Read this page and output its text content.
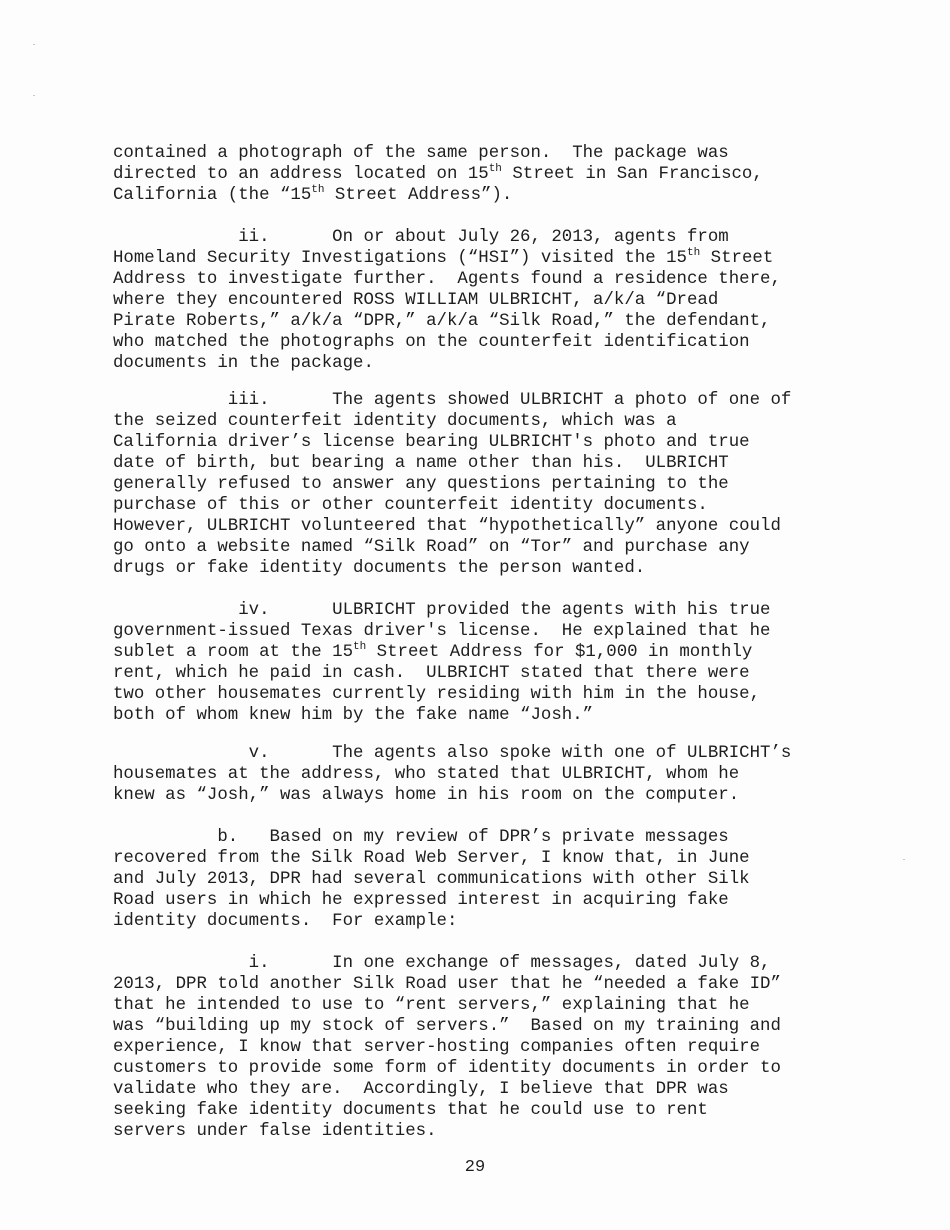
contained a photograph of the same person.  The package was
directed to an address located on 15th Street in San Francisco,
California (the “15th Street Address”).
ii.      On or about July 26, 2013, agents from
Homeland Security Investigations (“HSI”) visited the 15th Street
Address to investigate further.  Agents found a residence there,
where they encountered ROSS WILLIAM ULBRICHT, a/k/a “Dread
Pirate Roberts,” a/k/a “DPR,” a/k/a “Silk Road,” the defendant,
who matched the photographs on the counterfeit identification
documents in the package.
iii.      The agents showed ULBRICHT a photo of one of
the seized counterfeit identity documents, which was a
California driver’s license bearing ULBRICHT's photo and true
date of birth, but bearing a name other than his.  ULBRICHT
generally refused to answer any questions pertaining to the
purchase of this or other counterfeit identity documents.
However, ULBRICHT volunteered that “hypothetically” anyone could
go onto a website named “Silk Road” on “Tor” and purchase any
drugs or fake identity documents the person wanted.
iv.      ULBRICHT provided the agents with his true
government-issued Texas driver's license.  He explained that he
sublet a room at the 15th Street Address for $1,000 in monthly
rent, which he paid in cash.  ULBRICHT stated that there were
two other housemates currently residing with him in the house,
both of whom knew him by the fake name “Josh.”
v.      The agents also spoke with one of ULBRICHT’s
housemates at the address, who stated that ULBRICHT, whom he
knew as “Josh,” was always home in his room on the computer.
b.   Based on my review of DPR’s private messages
recovered from the Silk Road Web Server, I know that, in June
and July 2013, DPR had several communications with other Silk
Road users in which he expressed interest in acquiring fake
identity documents.  For example:
i.      In one exchange of messages, dated July 8,
2013, DPR told another Silk Road user that he “needed a fake ID”
that he intended to use to “rent servers,” explaining that he
was “building up my stock of servers.”  Based on my training and
experience, I know that server-hosting companies often require
customers to provide some form of identity documents in order to
validate who they are.  Accordingly, I believe that DPR was
seeking fake identity documents that he could use to rent
servers under false identities.
29
